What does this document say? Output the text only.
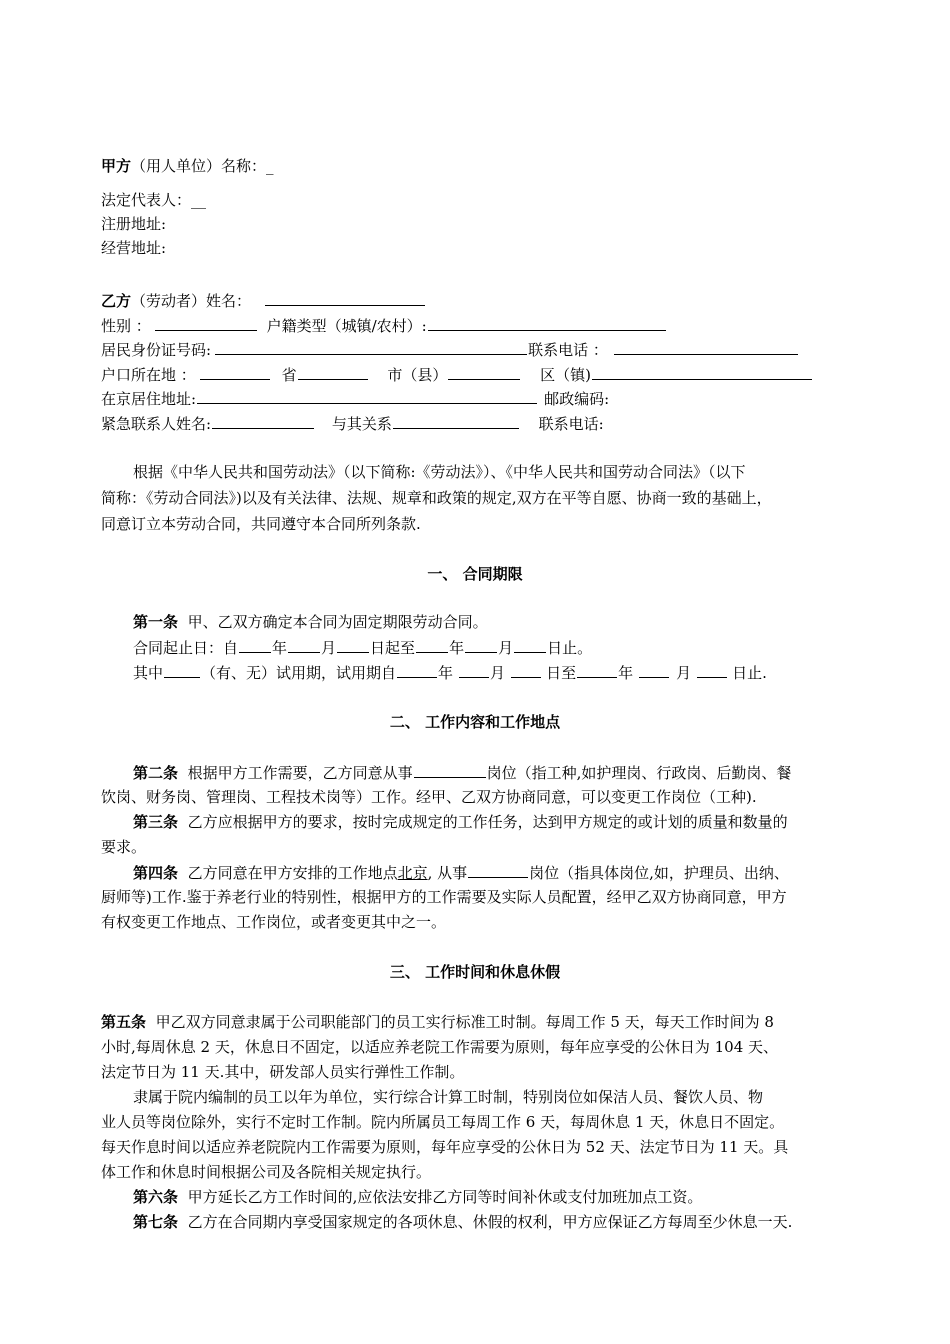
甲方（用人单位）名称：_
法定代表人：__
注册地址:
经营地址:
乙方（劳动者）姓名：
性别 ：	户籍类型（城镇/农村）:
居民身份证号码:	联系电话 ：
户口所在地 ：	省	市（县）	区（镇)
在京居住地址:	邮政编码:
紧急联系人姓名:	与其关系	联系电话:
根据《中华人民共和国劳动法》（以下简称:《劳动法》）、《中华人民共和国劳动合同法》（以下
简称：《劳动合同法》)以及有关法律、法规、规章和政策的规定,双方在平等自愿、协商一致的基础上，
同意订立本劳动合同，共同遵守本合同所列条款.
一、 合同期限
第一条 甲、乙双方确定本合同为固定期限劳动合同。
合同起止日：自 年 月 日起至 年 月 日止。
其中	（有、无）试用期，试用期自	年 月	日至	年	月	日止.
二、 工作内容和工作地点
第二条 根据甲方工作需要，乙方同意从事	岗位（指工种,如护理岗、行政岗、后勤岗、餐
饮岗、财务岗、管理岗、工程技术岗等）工作。经甲、乙双方协商同意，可以变更工作岗位（工种).
第三条 乙方应根据甲方的要求，按时完成规定的工作任务，达到甲方规定的或计划的质量和数量的
要求。
第四条 乙方同意在甲方安排的工作地点北京, 从事	岗位（指具体岗位,如，护理员、出纳、
厨师等)工作.鉴于养老行业的特别性，根据甲方的工作需要及实际人员配置，经甲乙双方协商同意，甲方
有权变更工作地点、工作岗位，或者变更其中之一。
三、 工作时间和休息休假
第五条 甲乙双方同意隶属于公司职能部门的员工实行标准工时制。每周工作 5 天，每天工作时间为 8
小时,每周休息 2 天，休息日不固定，以适应养老院工作需要为原则，每年应享受的公休日为 104 天、
法定节日为 11 天.其中，研发部人员实行弹性工作制。
隶属于院内编制的员工以年为单位，实行综合计算工时制，特别岗位如保洁人员、餐饮人员、物
业人员等岗位除外，实行不定时工作制。院内所属员工每周工作 6 天，每周休息 1 天，休息日不固定。
每天作息时间以适应养老院院内工作需要为原则，每年应享受的公休日为 52 天、法定节日为 11 天。具
体工作和休息时间根据公司及各院相关规定执行。
第六条 甲方延长乙方工作时间的,应依法安排乙方同等时间补休或支付加班加点工资。
第七条 乙方在合同期内享受国家规定的各项休息、休假的权利，甲方应保证乙方每周至少休息一天.
